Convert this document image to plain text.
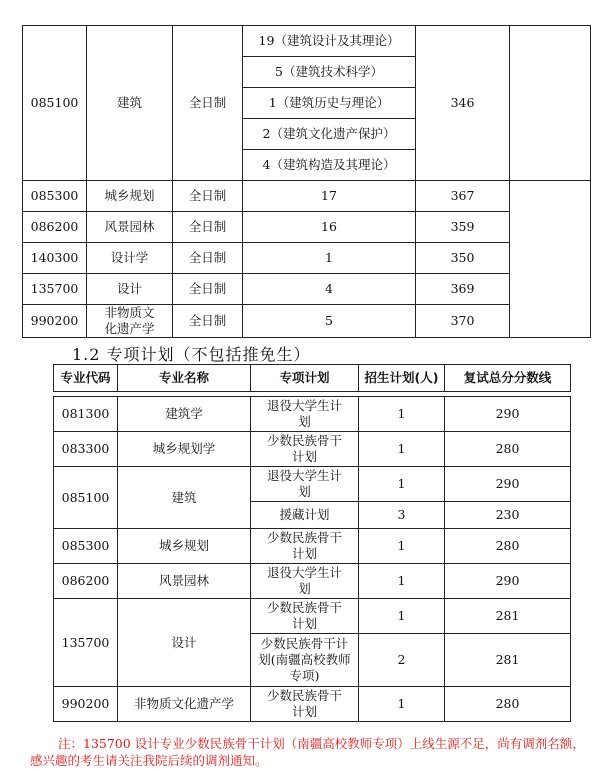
085100	建筑	全日制	19（建筑设计及其理论）	346	
			5（建筑技术科学）		
			1（建筑历史与理论）		
			2（建筑文化遗产保护）		
			4（建筑构造及其理论）		
085300	城乡规划	全日制	17	367	
086200	风景园林	全日制	16	359	
140300	设计学	全日制	1	350	
135700	设计	全日制	4	369	
990200	非物质文化遗产学	全日制	5	370	
1.2 专项计划（不包括推免生）
专业代码	专业名称	专项计划	招生计划(人)	复试总分分数线

081300	建筑学	退役大学生计划	1	290
083300	城乡规划学	少数民族骨干计划	1	280
085100	建筑	退役大学生计划	1	290
		援藏计划	3	230
085300	城乡规划	少数民族骨干计划	1	280
086200	风景园林	退役大学生计划	1	290
135700	设计	少数民族骨干计划	1	281
		少数民族骨干计划(南疆高校教师专项)	2	281
990200	非物质文化遗产学	少数民族骨干计划	1	280
注：135700 设计专业少数民族骨干计划（南疆高校教师专项）上线生源不足，尚有调剂名额，感兴趣的考生请关注我院后续的调剂通知。
